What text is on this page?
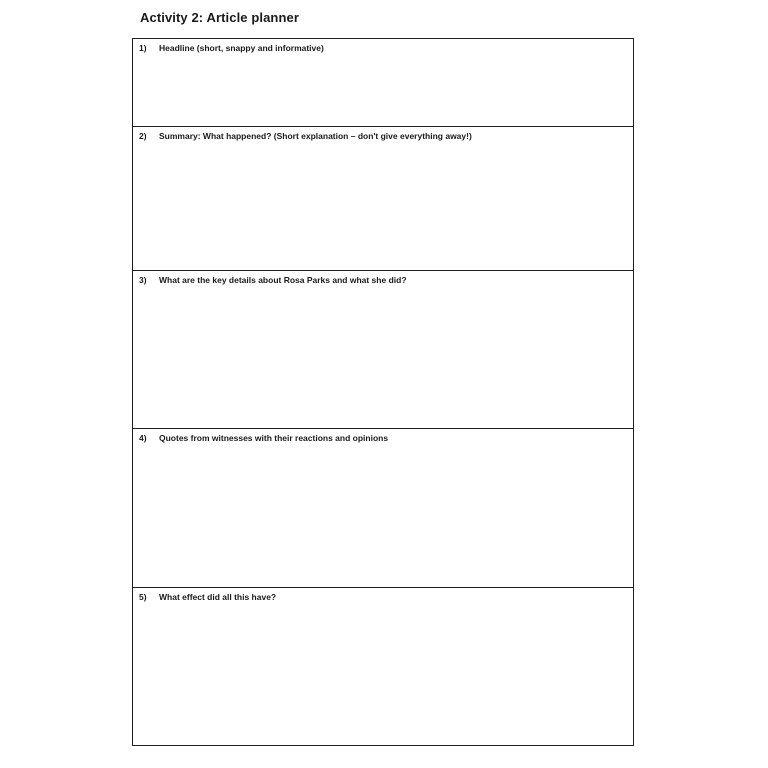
Activity 2: Article planner
1)	Headline (short, snappy and informative)
2)	Summary: What happened? (Short explanation – don't give everything away!)
3)	What are the key details about Rosa Parks and what she did?
4)	Quotes from witnesses with their reactions and opinions
5)	What effect did all this have?
